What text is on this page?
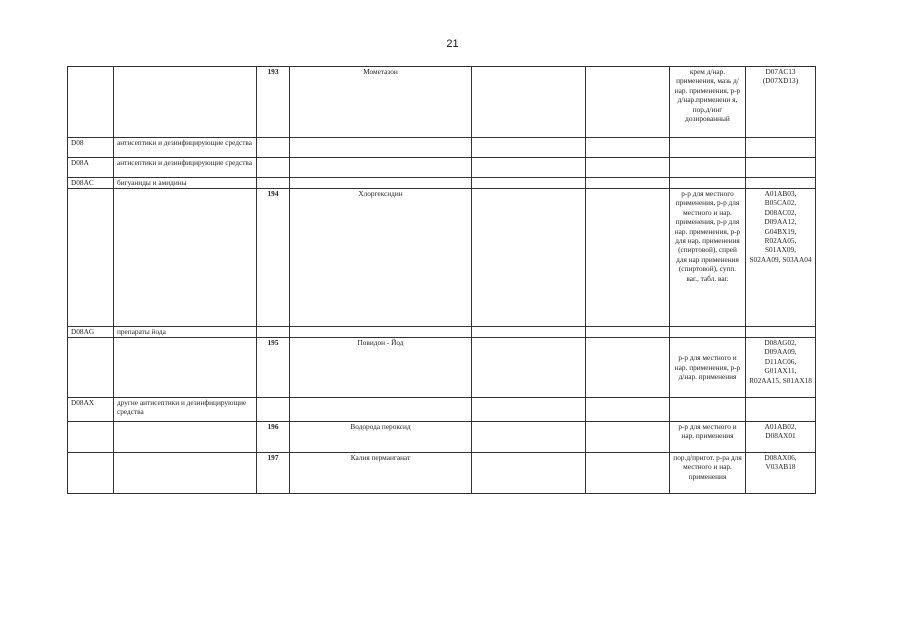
21
		193	Мометазон			крем д/нар. применения, мазь д/нар. применения, р-р д/нар.применени я, пор.д/инг дозированный	D07AC13 (D07XD13)
D08	антисептики и дезинфицирующие средства						
D08A	антисептики и дезинфицирующие средства						
D08AC	бигуаниды и амидины						
		194	Хлоргексидин			р-р для местного применения, р-р для местного и нар. применения, р-р для нар. применения, р-р для нар. применения (спиртовой), спрей для нар применения (спиртовой), супп. ваг., табл. ваг.	A01AB03, B05CA02, D08AC02, D09AA12, G04BX19, R02AA05, S01AX09, S02AA09, S03AA04
D08AG	препараты йода						
		195	Повидон - Йод			р-р для местного и нар. применения, р-р д/нар. применения	D08AG02, D09AA09, D11AC06, G01AX11, R02AA15, S01AX18
D08AX	другие антисептики и дезинфицирующие средства						
		196	Водорода пероксид			р-р для местного и нар. применения	A01AB02, D08AX01
		197	Калия перманганат			пор.д/пригот. р-ра для местного и нар. применения	D08AX06, V03AB18
